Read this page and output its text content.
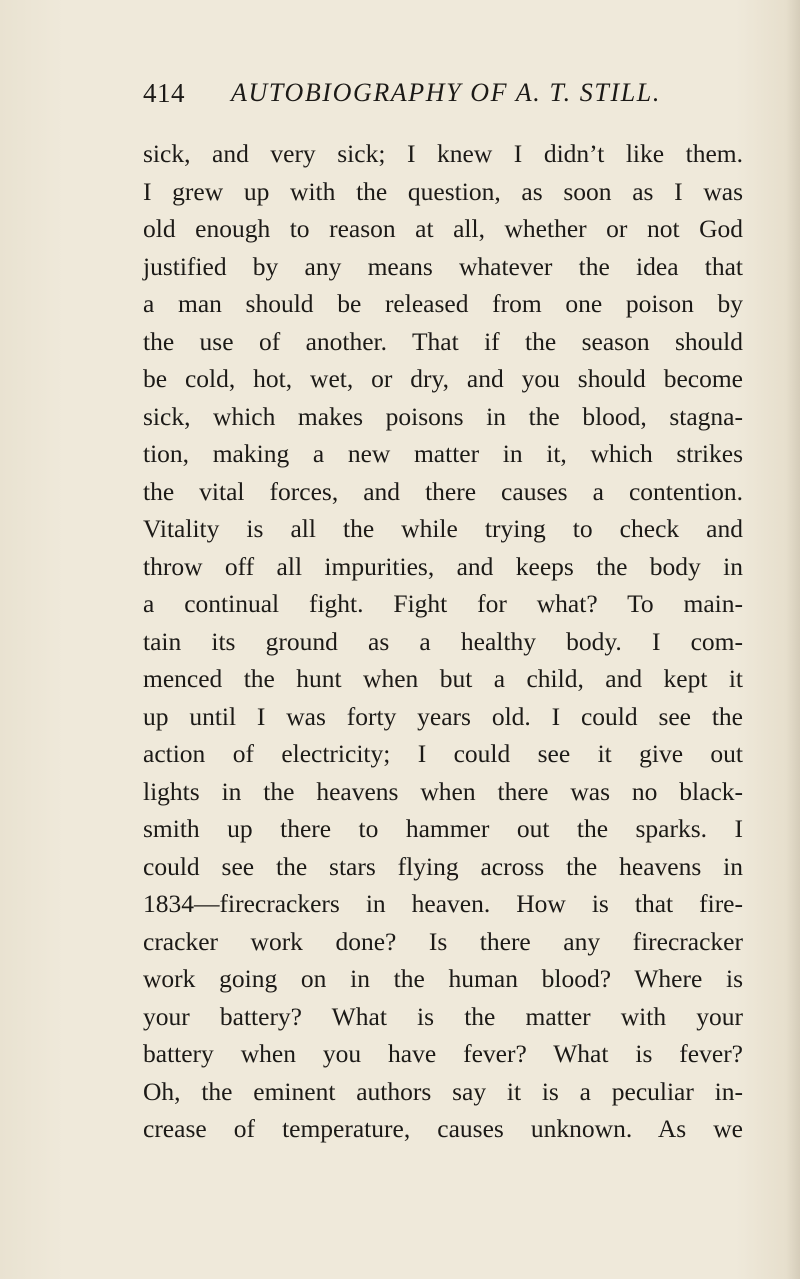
414 AUTOBIOGRAPHY OF A. T. STILL.
sick, and very sick; I knew I didn’t like them.
I grew up with the question, as soon as I was
old enough to reason at all, whether or not God
justified by any means whatever the idea that
a man should be released from one poison by
the use of another. That if the season should
be cold, hot, wet, or dry, and you should become
sick, which makes poisons in the blood, stagna-
tion, making a new matter in it, which strikes
the vital forces, and there causes a contention.
Vitality is all the while trying to check and
throw off all impurities, and keeps the body in
a continual fight. Fight for what? To main-
tain its ground as a healthy body. I com-
menced the hunt when but a child, and kept it
up until I was forty years old. I could see the
action of electricity; I could see it give out
lights in the heavens when there was no black-
smith up there to hammer out the sparks. I
could see the stars flying across the heavens in
1834—firecrackers in heaven. How is that fire-
cracker work done? Is there any firecracker
work going on in the human blood? Where is
your battery? What is the matter with your
battery when you have fever? What is fever?
Oh, the eminent authors say it is a peculiar in-
crease of temperature, causes unknown. As we
